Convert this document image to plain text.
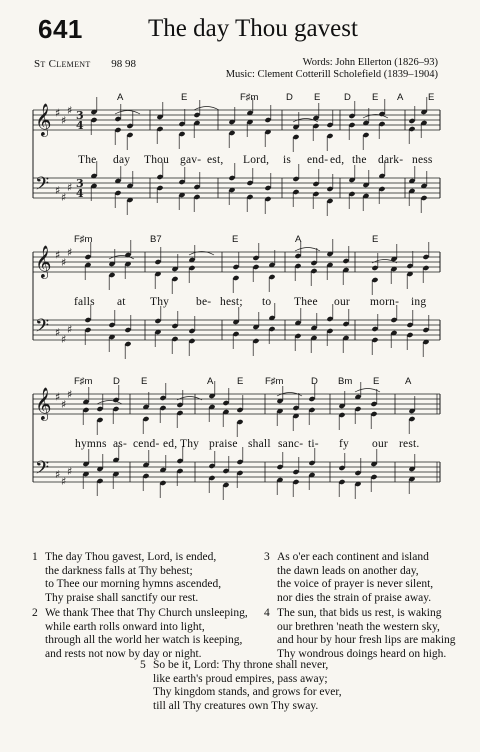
641	The day Thou gavest
St Clement 98 98	Words: John Ellerton (1826–93)
Music: Clement Cotterill Scholefield (1839–1904)
𝄞
𝄢
♯
♯
♯
♯
♯
♯
3
3
4
4
A	E	F♯m	D E D E A	E
The day Thou gav- est, Lord, is end- ed, the dark- ness
𝄞
𝄢
♯
♯
♯
♯
♯
♯
F♯m	B7	E	A	E
falls at Thy be- hest; to Thee our morn- ing
𝄞
𝄢
♯
♯
♯
♯
♯
♯
F♯m D E	A E F♯m	D Bm E	A
hymns as- cend- ed, Thy praise shall sanc- ti- fy our rest.
1 The day Thou gavest, Lord, is ended,
the darkness falls at Thy behest;
to Thee our morning hymns ascended,
Thy praise shall sanctify our rest.
2 We thank Thee that Thy Church unsleeping,
while earth rolls onward into light,
through all the world her watch is keeping,
and rests not now by day or night.
3 As o'er each continent and island
the dawn leads on another day,
the voice of prayer is never silent,
nor dies the strain of praise away.
4 The sun, that bids us rest, is waking
our brethren 'neath the western sky,
and hour by hour fresh lips are making
Thy wondrous doings heard on high.
5 So be it, Lord: Thy throne shall never,
like earth's proud empires, pass away;
Thy kingdom stands, and grows for ever,
till all Thy creatures own Thy sway.
